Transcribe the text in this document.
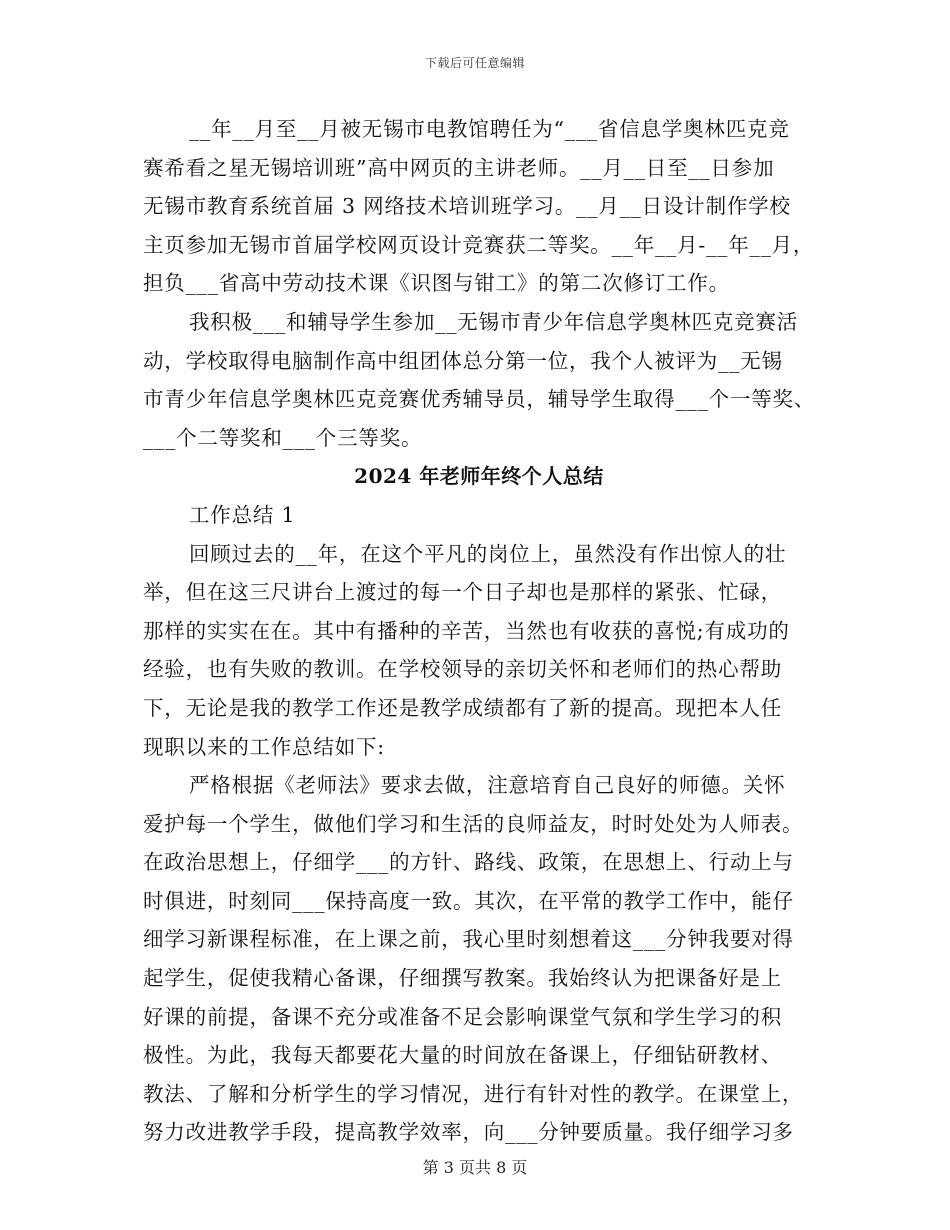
下载后可任意编辑
__年__月至__月被无锡市电教馆聘任为“___省信息学奥林匹克竞
赛希看之星无锡培训班”高中网页的主讲老师。__月__日至__日参加
无锡市教育系统首届 3 网络技术培训班学习。__月__日设计制作学校
主页参加无锡市首届学校网页设计竞赛获二等奖。__年__月-__年__月，
担负___省高中劳动技术课《识图与钳工》的第二次修订工作。
我积极___和辅导学生参加__无锡市青少年信息学奥林匹克竞赛活
动，学校取得电脑制作高中组团体总分第一位，我个人被评为__无锡
市青少年信息学奥林匹克竞赛优秀辅导员，辅导学生取得___个一等奖、
___个二等奖和___个三等奖。
2024 年老师年终个人总结
工作总结 1
回顾过去的__年，在这个平凡的岗位上，虽然没有作出惊人的壮
举，但在这三尺讲台上渡过的每一个日子却也是那样的紧张、忙碌，
那样的实实在在。其中有播种的辛苦，当然也有收获的喜悦;有成功的
经验，也有失败的教训。在学校领导的亲切关怀和老师们的热心帮助
下，无论是我的教学工作还是教学成绩都有了新的提高。现把本人任
现职以来的工作总结如下:
严格根据《老师法》要求去做，注意培育自己良好的师德。关怀
爱护每一个学生，做他们学习和生活的良师益友，时时处处为人师表。
在政治思想上，仔细学___的方针、路线、政策，在思想上、行动上与
时俱进，时刻同___保持高度一致。其次，在平常的教学工作中，能仔
细学习新课程标准，在上课之前，我心里时刻想着这___分钟我要对得
起学生，促使我精心备课，仔细撰写教案。我始终认为把课备好是上
好课的前提，备课不充分或准备不足会影响课堂气氛和学生学习的积
极性。为此，我每天都要花大量的时间放在备课上，仔细钻研教材、
教法、了解和分析学生的学习情况，进行有针对性的教学。在课堂上，
努力改进教学手段，提高教学效率，向___分钟要质量。我仔细学习多
第 3 页共 8 页
